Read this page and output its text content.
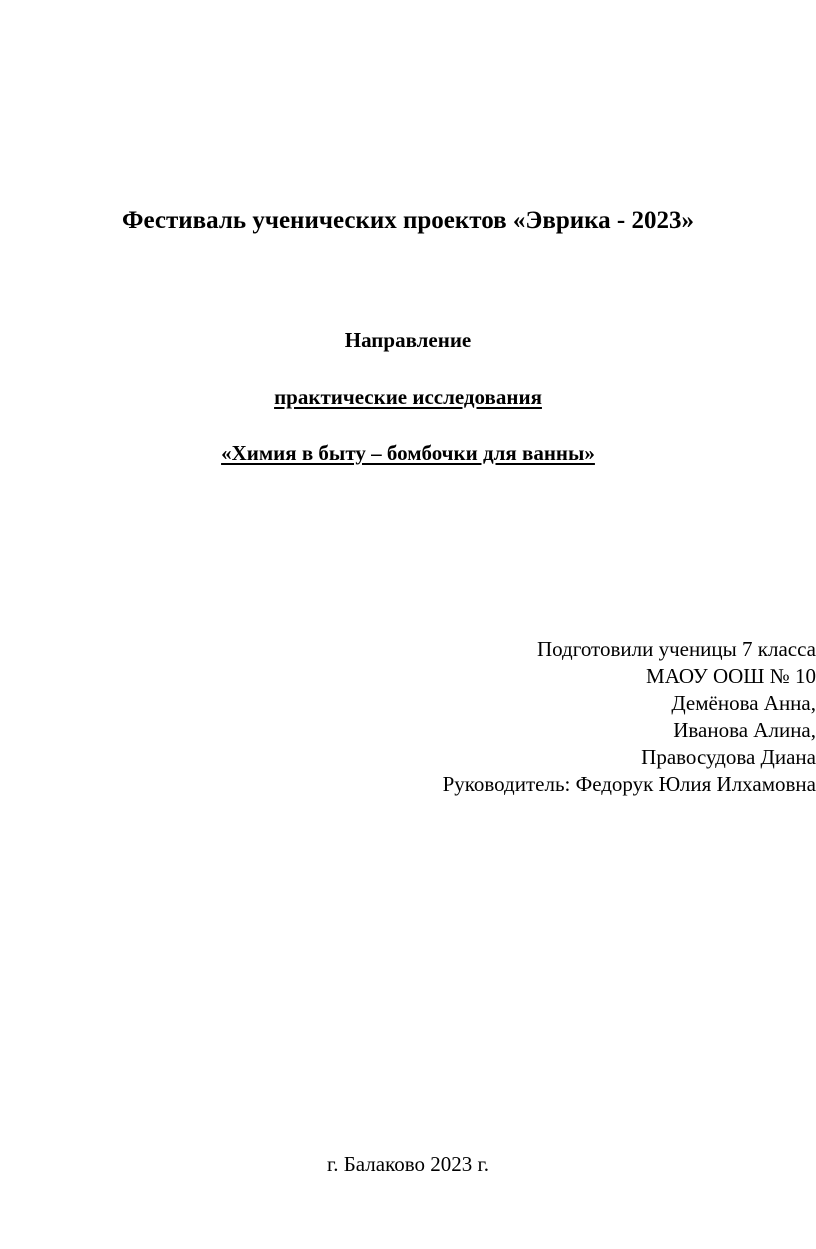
Фестиваль ученических проектов «Эврика - 2023»
Направление
практические исследования
«Химия в быту – бомбочки для ванны»
Подготовили ученицы 7 класса
МАОУ ООШ № 10
Демёнова Анна,
Иванова Алина,
Правосудова Диана
Руководитель: Федорук Юлия Илхамовна
г. Балаково 2023 г.
